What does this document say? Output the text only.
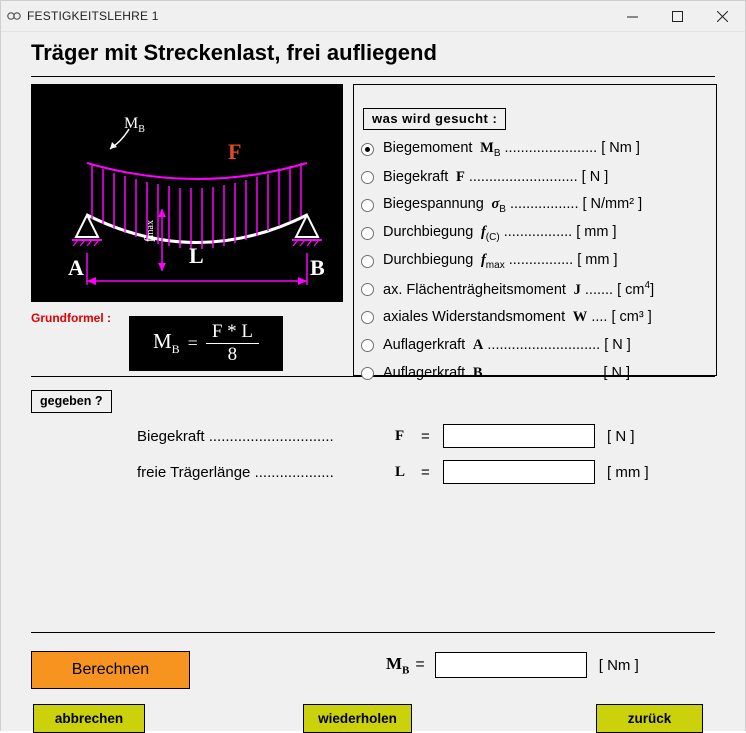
FESTIGKEITSLEHRE 1
Träger mit Streckenlast, frei aufliegend
$M_B$
F
fmax
A	B
L
Grundformel :
$M_B = \frac{F * L}{8}$
was wird gesucht :
Biegemoment  $M_B$ ....................... [ Nm ]
Biegekraft  F ........................... [ N ]
Biegespannung  $\sigma_B$ ................. [ N/mm² ]
Durchbiegung  $f_{(C)}$ ................. [ mm ]
Durchbiegung  $f_{max}$ ................ [ mm ]
ax. Flächenträgheitsmoment  J ....... [ $cm^4$]
axiales Widerstandsmoment  W .... [ cm³ ]
Auflagerkraft  A ............................ [ N ]
Auflagerkraft  B ............................ [ N ]
gegeben ?
Biegekraft ..............................	F	=	[ N ]
freie Trägerlänge ...................	L	=	[ mm ]
$M_B$ =	[ Nm ]
Berechnen
abbrechen	wiederholen	zurück
